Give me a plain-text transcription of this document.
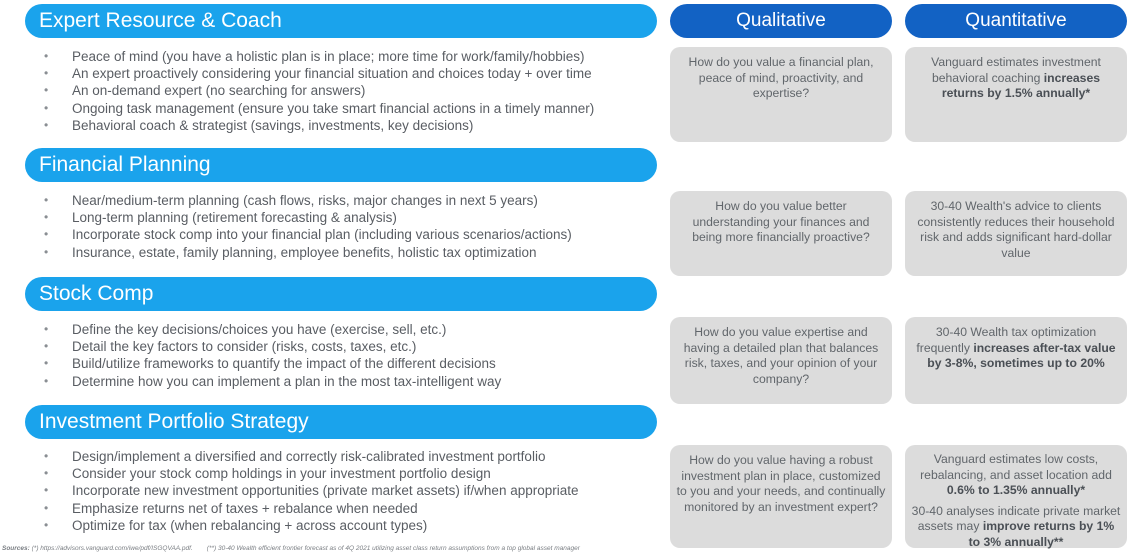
Expert Resource & Coach
• Peace of mind (you have a holistic plan is in place; more time for work/family/hobbies)
• An expert proactively considering your financial situation and choices today + over time
• An on-demand expert (no searching for answers)
• Ongoing task management (ensure you take smart financial actions in a timely manner)
• Behavioral coach & strategist (savings, investments, key decisions)
Financial Planning
• Near/medium-term planning (cash flows, risks, major changes in next 5 years)
• Long-term planning (retirement forecasting & analysis)
• Incorporate stock comp into your financial plan (including various scenarios/actions)
• Insurance, estate, family planning, employee benefits, holistic tax optimization
Stock Comp
• Define the key decisions/choices you have (exercise, sell, etc.)
• Detail the key factors to consider (risks, costs, taxes, etc.)
• Build/utilize frameworks to quantify the impact of the different decisions
• Determine how you can implement a plan in the most tax-intelligent way
Investment Portfolio Strategy
• Design/implement a diversified and correctly risk-calibrated investment portfolio
• Consider your stock comp holdings in your investment portfolio design
• Incorporate new investment opportunities (private market assets) if/when appropriate
• Emphasize returns net of taxes + rebalance when needed
• Optimize for tax (when rebalancing + across account types)
Qualitative	Quantitative
How do you value a financial plan, peace of mind, proactivity, and expertise?
How do you value better understanding your finances and being more financially proactive?
How do you value expertise and having a detailed plan that balances risk, taxes, and your opinion of your company?
How do you value having a robust investment plan in place, customized to you and your needs, and continually monitored by an investment expert?
Vanguard estimates investment behavioral coaching increases returns by 1.5% annually*
30-40 Wealth's advice to clients consistently reduces their household risk and adds significant hard-dollar value
30-40 Wealth tax optimization frequently increases after-tax value by 3-8%, sometimes up to 20%
Vanguard estimates low costs, rebalancing, and asset location add 0.6% to 1.35% annually*
30-40 analyses indicate private market assets may improve returns by 1% to 3% annually**
Sources: (*) https://advisors.vanguard.com/iwe/pdf/ISGQVAA.pdf. (**) 30-40 Wealth efficient frontier forecast as of 4Q 2021 utilizing asset class return assumptions from a top global asset manager
